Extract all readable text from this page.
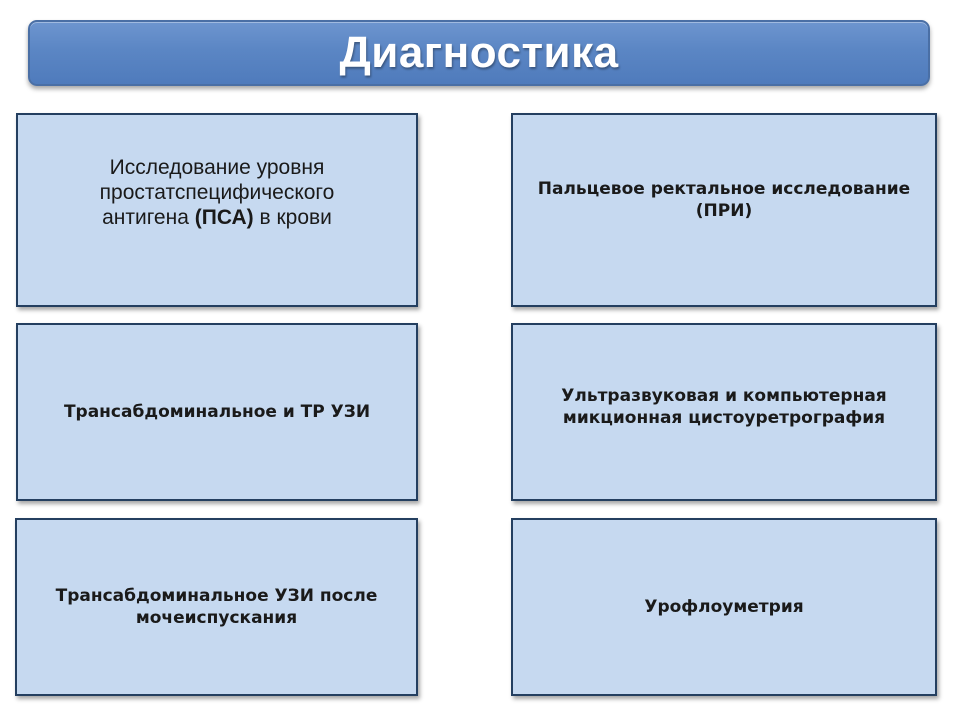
Диагностика
Исследование уровня простатспецифического антигена (ПСА) в крови
Пальцевое ректальное исследование
(ПРИ)
Трансабдоминальное и ТР УЗИ
Ультразвуковая и компьютерная
микционная цистоуретрография
Трансабдоминальное УЗИ после
мочеиспускания
Урофлоуметрия
